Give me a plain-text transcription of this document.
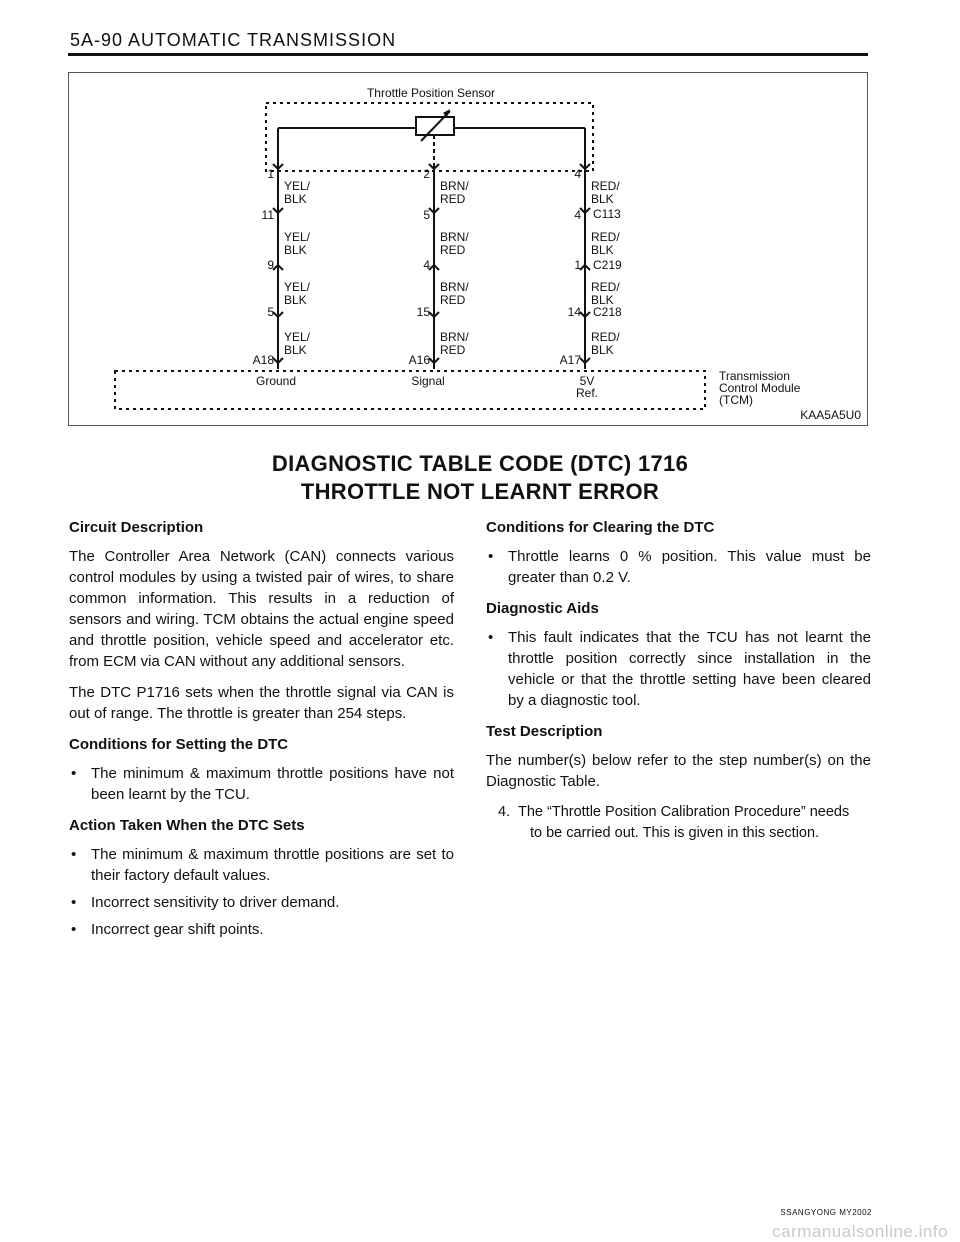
5A-90 AUTOMATIC TRANSMISSION
Throttle Position Sensor
1
11
9
5
YEL/
BLK
YEL/
BLK
YEL/
BLK
YEL/
BLK
A18
Ground
2
5
4
15
BRN/
RED
BRN/
RED
BRN/
RED
BRN/
RED
A16
Signal
4
4
1
14
RED/
BLK
RED/
BLK
RED/
BLK
RED/
BLK
A17
5V
Ref.
C113
C219
C218
Transmission
Control Module
(TCM)
KAA5A5U0
DIAGNOSTIC TABLE CODE (DTC) 1716
THROTTLE NOT LEARNT ERROR
Circuit Description

The Controller Area Network (CAN) connects various control modules by using a twisted pair of wires, to share common information. This results in a reduction of sensors and wiring. TCM obtains the actual engine speed and throttle position, vehicle speed and accelerator etc. from ECM via CAN without any additional sensors.

The DTC P1716 sets when the throttle signal via CAN is out of range. The throttle is greater than 254 steps.

Conditions for Setting the DTC
• The minimum & maximum throttle positions have not been learnt by the TCU.
Action Taken When the DTC Sets
• The minimum & maximum throttle positions are set to their factory default values.
• Incorrect sensitivity to driver demand.
• Incorrect gear shift points.
Conditions for Clearing the DTC
• Throttle learns 0 % position. This value must be greater than 0.2 V.
Diagnostic Aids
• This fault indicates that the TCU has not learnt the throttle position correctly since installation in the vehicle or that the throttle setting have been cleared by a diagnostic tool.
Test Description

The number(s) below refer to the step number(s) on the Diagnostic Table.

4. The “Throttle Position Calibration Procedure” needs
to be carried out. This is given in this section.
SSANGYONG MY2002
carmanualsonline.info
